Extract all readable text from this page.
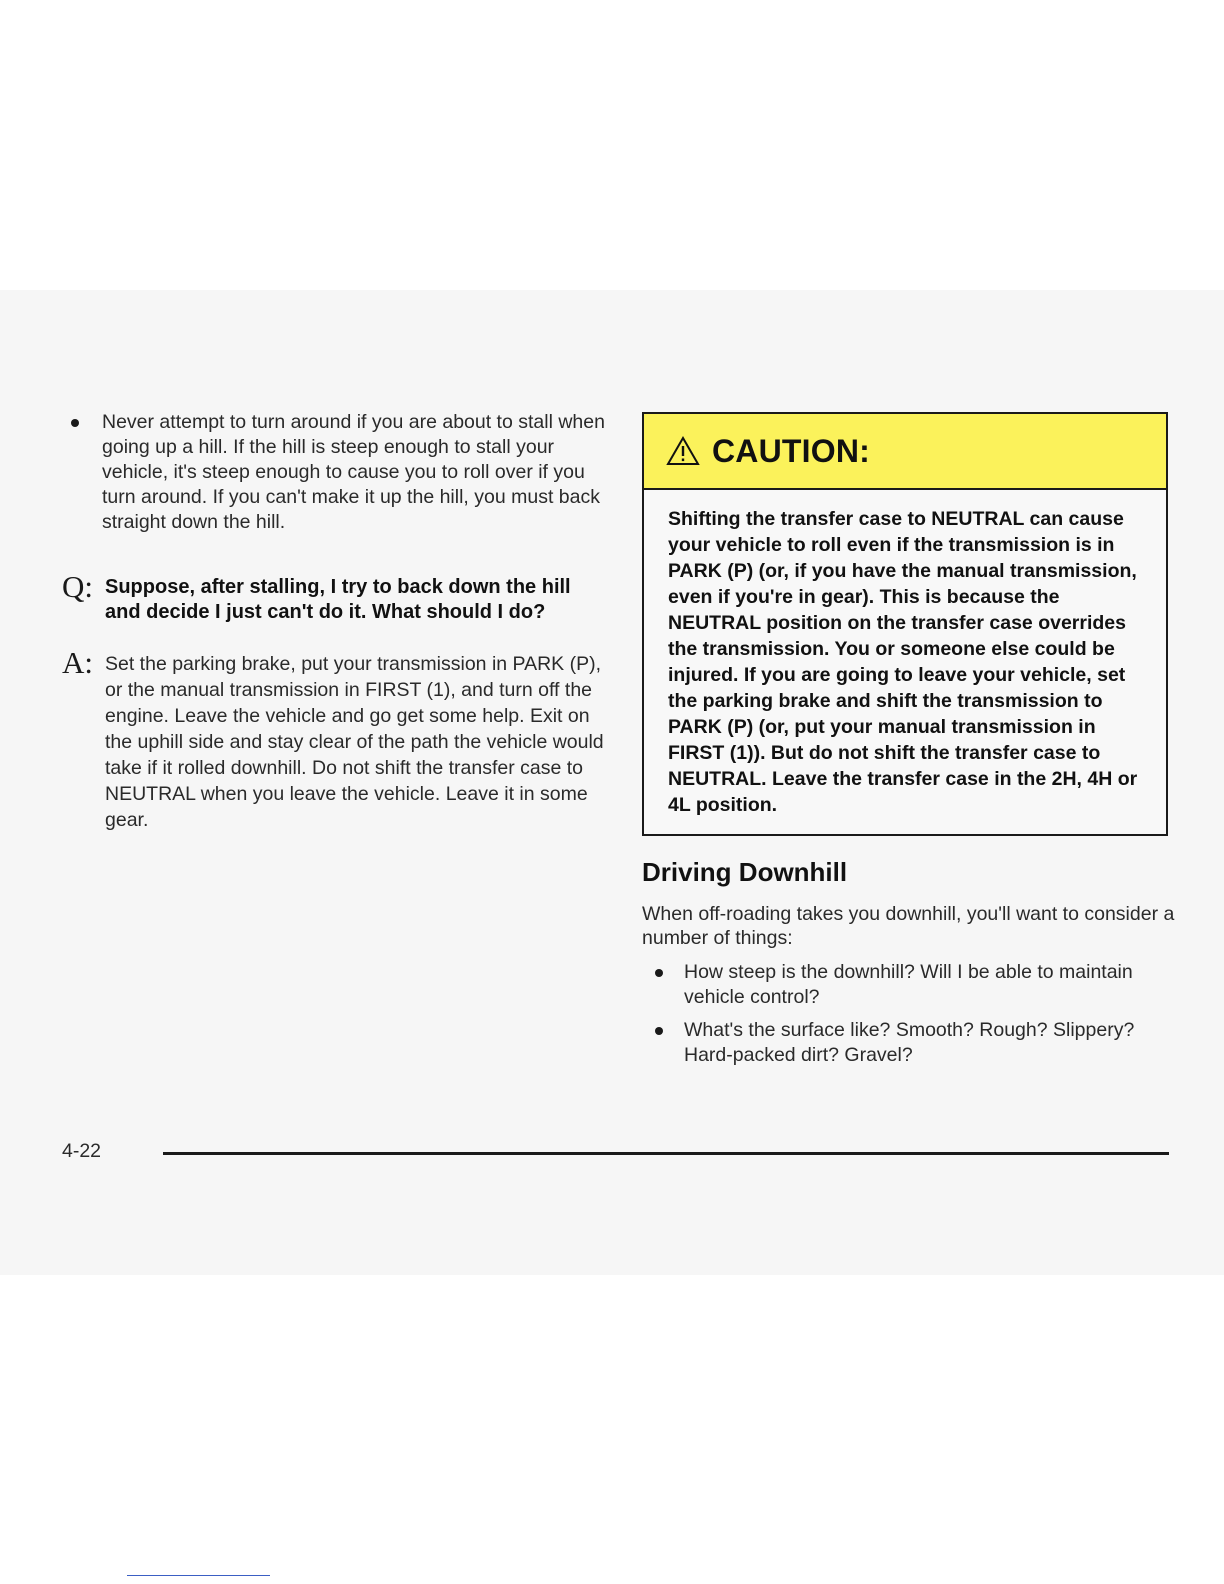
Never attempt to turn around if you are about to stall when going up a hill. If the hill is steep enough to stall your vehicle, it's steep enough to cause you to roll over if you turn around. If you can't make it up the hill, you must back straight down the hill.
Q: Suppose, after stalling, I try to back down the hill and decide I just can't do it. What should I do?
A: Set the parking brake, put your transmission in PARK (P), or the manual transmission in FIRST (1), and turn off the engine. Leave the vehicle and go get some help. Exit on the uphill side and stay clear of the path the vehicle would take if it rolled downhill. Do not shift the transfer case to NEUTRAL when you leave the vehicle. Leave it in some gear.
CAUTION:
Shifting the transfer case to NEUTRAL can cause your vehicle to roll even if the transmission is in PARK (P) (or, if you have the manual transmission, even if you're in gear). This is because the NEUTRAL position on the transfer case overrides the transmission. You or someone else could be injured. If you are going to leave your vehicle, set the parking brake and shift the transmission to PARK (P) (or, put your manual transmission in FIRST (1)). But do not shift the transfer case to NEUTRAL. Leave the transfer case in the 2H, 4H or 4L position.
Driving Downhill
When off-roading takes you downhill, you'll want to consider a number of things:
How steep is the downhill? Will I be able to maintain vehicle control?
What's the surface like? Smooth? Rough? Slippery? Hard-packed dirt? Gravel?
4-22
